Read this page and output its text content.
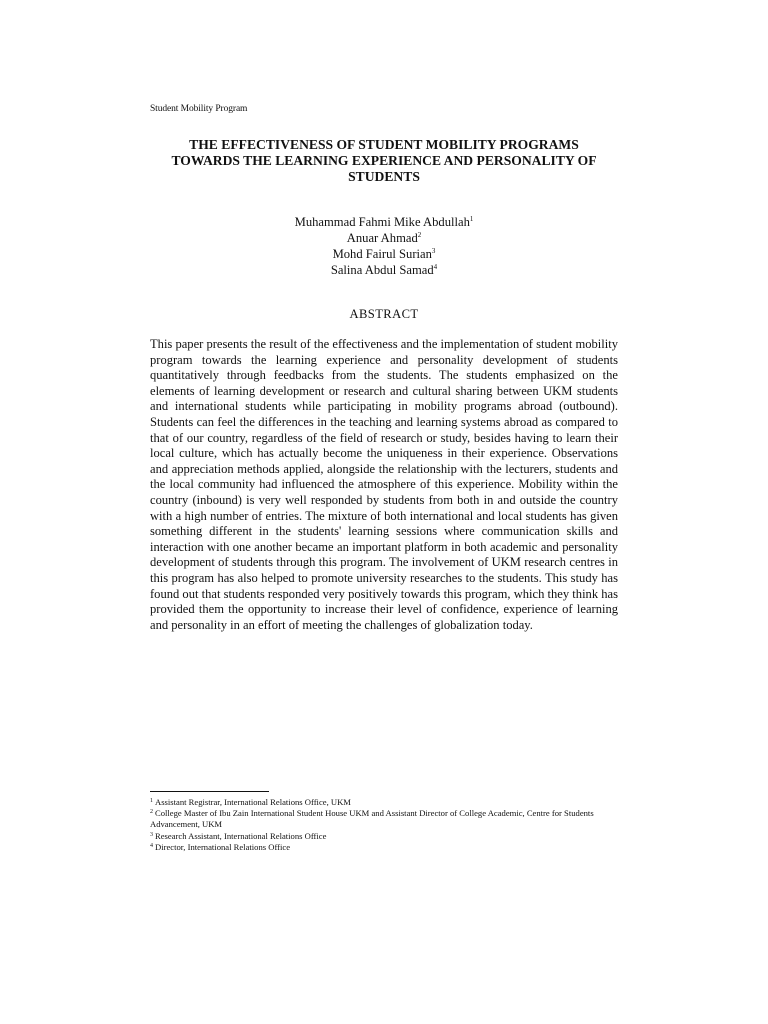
Student Mobility Program
THE EFFECTIVENESS OF STUDENT MOBILITY PROGRAMS
TOWARDS THE LEARNING EXPERIENCE AND PERSONALITY OF
STUDENTS
Muhammad Fahmi Mike Abdullah$^1$
Anuar Ahmad$^2$
Mohd Fairul Surian$^3$
Salina Abdul Samad$^4$
ABSTRACT

This paper presents the result of the effectiveness and the implementation of student mobility program towards the learning experience and personality development of students quantitatively through feedbacks from the students. The students emphasized on the elements of learning development or research and cultural sharing between UKM students and international students while participating in mobility programs abroad (outbound). Students can feel the differences in the teaching and learning systems abroad as compared to that of our country, regardless of the field of research or study, besides having to learn their local culture, which has actually become the uniqueness in their experience. Observations and appreciation methods applied, alongside the relationship with the lecturers, students and the local community had influenced the atmosphere of this experience. Mobility within the country (inbound) is very well responded by students from both in and outside the country with a high number of entries. The mixture of both international and local students has given something different in the students' learning sessions where communication skills and interaction with one another became an important platform in both academic and personality development of students through this program. The involvement of UKM research centres in this program has also helped to promote university researches to the students. This study has found out that students responded very positively towards this program, which they think has provided them the opportunity to increase their level of confidence, experience of learning and personality in an effort of meeting the challenges of globalization today.

$^1$ Assistant Registrar, International Relations Office, UKM
$^2$ College Master of Ibu Zain International Student House UKM and Assistant Director of College Academic, Centre for Students Advancement, UKM
$^3$ Research Assistant, International Relations Office
$^4$ Director, International Relations Office
